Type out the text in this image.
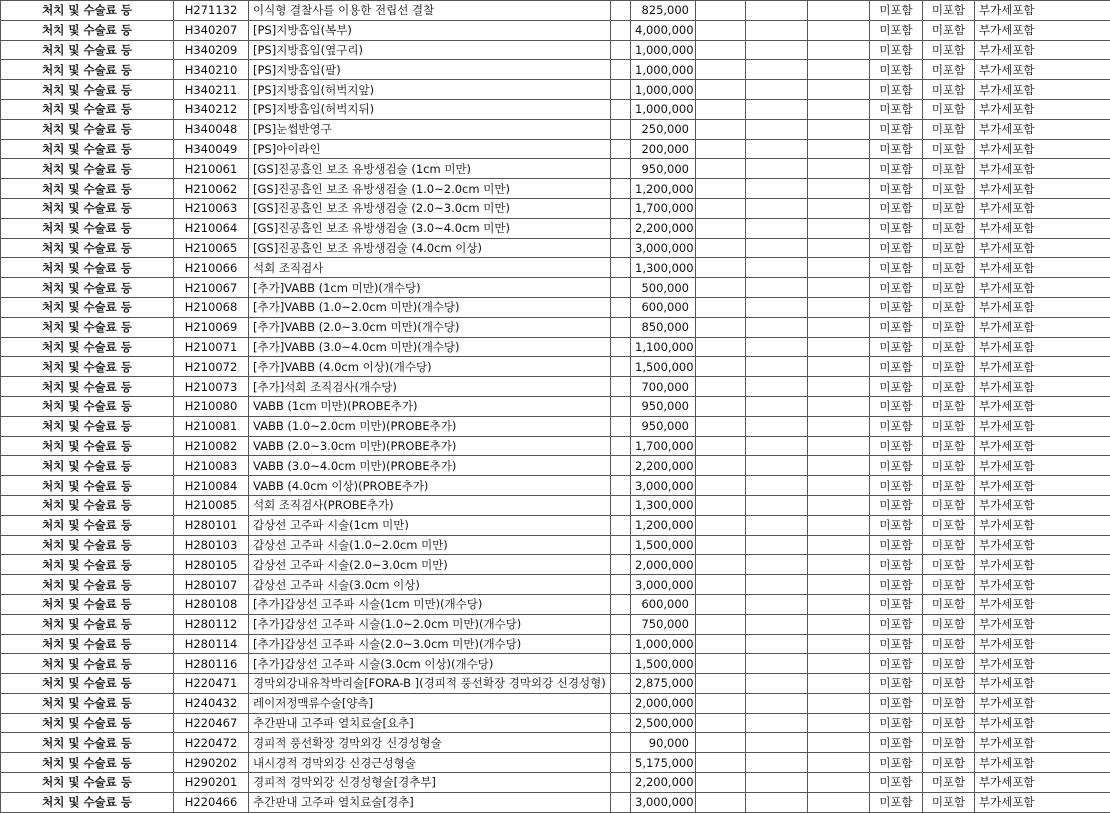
처치 및 수술료 등	H271132	이식형 결찰사를 이용한 전립선 결찰		825,000				미포함	미포함	부가세포함
처치 및 수술료 등	H340207	[PS]지방흡입(복부)		4,000,000				미포함	미포함	부가세포함
처치 및 수술료 등	H340209	[PS]지방흡입(옆구리)		1,000,000				미포함	미포함	부가세포함
처치 및 수술료 등	H340210	[PS]지방흡입(팔)		1,000,000				미포함	미포함	부가세포함
처치 및 수술료 등	H340211	[PS]지방흡입(허벅지앞)		1,000,000				미포함	미포함	부가세포함
처치 및 수술료 등	H340212	[PS]지방흡입(허벅지뒤)		1,000,000				미포함	미포함	부가세포함
처치 및 수술료 등	H340048	[PS]눈썹반영구		250,000				미포함	미포함	부가세포함
처치 및 수술료 등	H340049	[PS]아이라인		200,000				미포함	미포함	부가세포함
처치 및 수술료 등	H210061	[GS]진공흡인 보조 유방생검술 (1cm 미만)		950,000				미포함	미포함	부가세포함
처치 및 수술료 등	H210062	[GS]진공흡인 보조 유방생검술 (1.0~2.0cm 미만)		1,200,000				미포함	미포함	부가세포함
처치 및 수술료 등	H210063	[GS]진공흡인 보조 유방생검술 (2.0~3.0cm 미만)		1,700,000				미포함	미포함	부가세포함
처치 및 수술료 등	H210064	[GS]진공흡인 보조 유방생검술 (3.0~4.0cm 미만)		2,200,000				미포함	미포함	부가세포함
처치 및 수술료 등	H210065	[GS]진공흡인 보조 유방생검술 (4.0cm 이상)		3,000,000				미포함	미포함	부가세포함
처치 및 수술료 등	H210066	석회 조직검사		1,300,000				미포함	미포함	부가세포함
처치 및 수술료 등	H210067	[추가]VABB (1cm 미만)(개수당)		500,000				미포함	미포함	부가세포함
처치 및 수술료 등	H210068	[추가]VABB (1.0~2.0cm 미만)(개수당)		600,000				미포함	미포함	부가세포함
처치 및 수술료 등	H210069	[추가]VABB (2.0~3.0cm 미만)(개수당)		850,000				미포함	미포함	부가세포함
처치 및 수술료 등	H210071	[추가]VABB (3.0~4.0cm 미만)(개수당)		1,100,000				미포함	미포함	부가세포함
처치 및 수술료 등	H210072	[추가]VABB (4.0cm 이상)(개수당)		1,500,000				미포함	미포함	부가세포함
처치 및 수술료 등	H210073	[추가]석회 조직검사(개수당)		700,000				미포함	미포함	부가세포함
처치 및 수술료 등	H210080	VABB (1cm 미만)(PROBE추가)		950,000				미포함	미포함	부가세포함
처치 및 수술료 등	H210081	VABB (1.0~2.0cm 미만)(PROBE추가)		950,000				미포함	미포함	부가세포함
처치 및 수술료 등	H210082	VABB (2.0~3.0cm 미만)(PROBE추가)		1,700,000				미포함	미포함	부가세포함
처치 및 수술료 등	H210083	VABB (3.0~4.0cm 미만)(PROBE추가)		2,200,000				미포함	미포함	부가세포함
처치 및 수술료 등	H210084	VABB (4.0cm 이상)(PROBE추가)		3,000,000				미포함	미포함	부가세포함
처치 및 수술료 등	H210085	석회 조직검사(PROBE추가)		1,300,000				미포함	미포함	부가세포함
처치 및 수술료 등	H280101	갑상선 고주파 시술(1cm 미만)		1,200,000				미포함	미포함	부가세포함
처치 및 수술료 등	H280103	갑상선 고주파 시술(1.0~2.0cm 미만)		1,500,000				미포함	미포함	부가세포함
처치 및 수술료 등	H280105	갑상선 고주파 시술(2.0~3.0cm 미만)		2,000,000				미포함	미포함	부가세포함
처치 및 수술료 등	H280107	갑상선 고주파 시술(3.0cm 이상)		3,000,000				미포함	미포함	부가세포함
처치 및 수술료 등	H280108	[추가]갑상선 고주파 시술(1cm 미만)(개수당)		600,000				미포함	미포함	부가세포함
처치 및 수술료 등	H280112	[추가]갑상선 고주파 시술(1.0~2.0cm 미만)(개수당)		750,000				미포함	미포함	부가세포함
처치 및 수술료 등	H280114	[추가]갑상선 고주파 시술(2.0~3.0cm 미만)(개수당)		1,000,000				미포함	미포함	부가세포함
처치 및 수술료 등	H280116	[추가]갑상선 고주파 시술(3.0cm 이상)(개수당)		1,500,000				미포함	미포함	부가세포함
처치 및 수술료 등	H220471	경막외강내유착박리술[FORA-B ](경피적 풍선확장 경막외강 신경성형)		2,875,000				미포함	미포함	부가세포함
처치 및 수술료 등	H240432	레이저정맥류수술[양측]		2,000,000				미포함	미포함	부가세포함
처치 및 수술료 등	H220467	추간판내 고주파 열치료술[요추]		2,500,000				미포함	미포함	부가세포함
처치 및 수술료 등	H220472	경피적 풍선확장 경막외강 신경성형술		90,000				미포함	미포함	부가세포함
처치 및 수술료 등	H290202	내시경적 경막외강 신경근성형술		5,175,000				미포함	미포함	부가세포함
처치 및 수술료 등	H290201	경피적 경막외강 신경성형술[경추부]		2,200,000				미포함	미포함	부가세포함
처치 및 수술료 등	H220466	추간판내 고주파 열치료술[경추]		3,000,000				미포함	미포함	부가세포함
